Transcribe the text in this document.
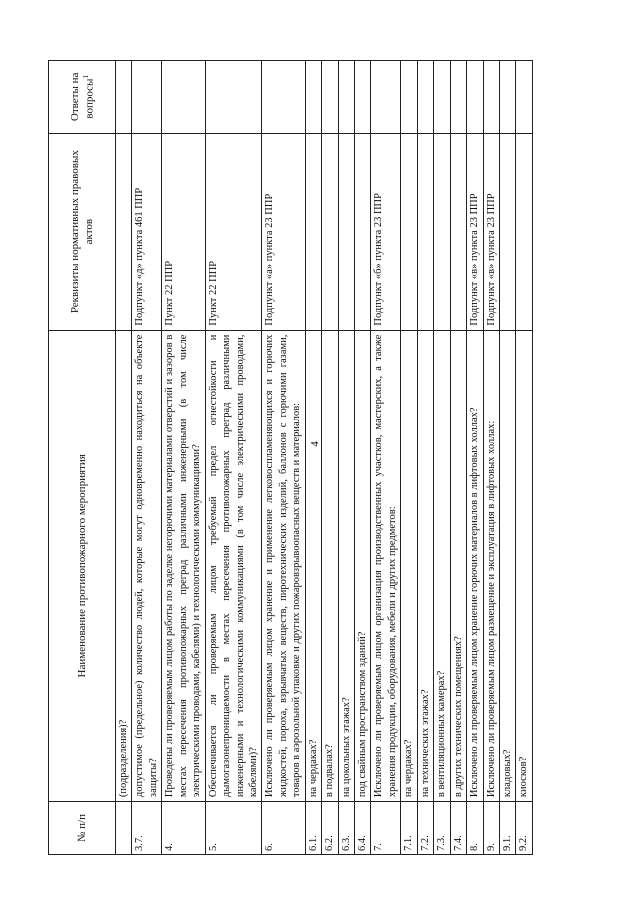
4
№ п/п	Наименование противопожарного мероприятия	Реквизиты нормативных правовых актов	Ответы на вопросы$^1$
	(подразделения)?		
3.7.	допустимое (предельное) количество людей, которые могут одновременно находиться на объекте защиты?	Подпункт «д» пункта 461 ППР	
4.	Проведены ли проверяемым лицом работы по заделке негорючими материалами отверстий и зазоров в местах пересечения противопожарных преград различными инженерными (в том числе электрическими проводами, кабелями) и технологическими коммуникациями?	Пункт 22 ППР	
5.	Обеспечивается ли проверяемым лицом требуемый предел огнестойкости и дымогазонепроницаемости в местах пересечения противопожарных преград различными инженерными и технологическими коммуникациями (в том числе электрическими проводами, кабелями)?	Пункт 22 ППР	
6.	Исключено ли проверяемым лицом хранение и применение легковоспламеняющихся и горючих жидкостей, пороха, взрывчатых веществ, пиротехнических изделий, баллонов с горючими газами, товаров в аэрозольной упаковке и других пожаровзрывоопасных веществ и материалов:	Подпункт «а» пункта 23 ППР	
6.1.	на чердаках?		
6.2.	в подвалах?		
6.3.	на цокольных этажах?		
6.4.	под свайным пространством зданий?		
7.	Исключено ли проверяемым лицом организация производственных участков, мастерских, а также хранения продукции, оборудования, мебели и других предметов:	Подпункт «б» пункта 23 ППР	
7.1.	на чердаках?		
7.2.	на технических этажах?		
7.3.	в вентиляционных камерах?		
7.4.	в других технических помещениях?		
8.	Исключено ли проверяемым лицом хранение горючих материалов в лифтовых холлах?	Подпункт «в» пункта 23 ППР	
9.	Исключено ли проверяемым лицом размещение и эксплуатация в лифтовых холлах:	Подпункт «в» пункта 23 ППР	
9.1.	кладовых?		
9.2.	киосков?		
